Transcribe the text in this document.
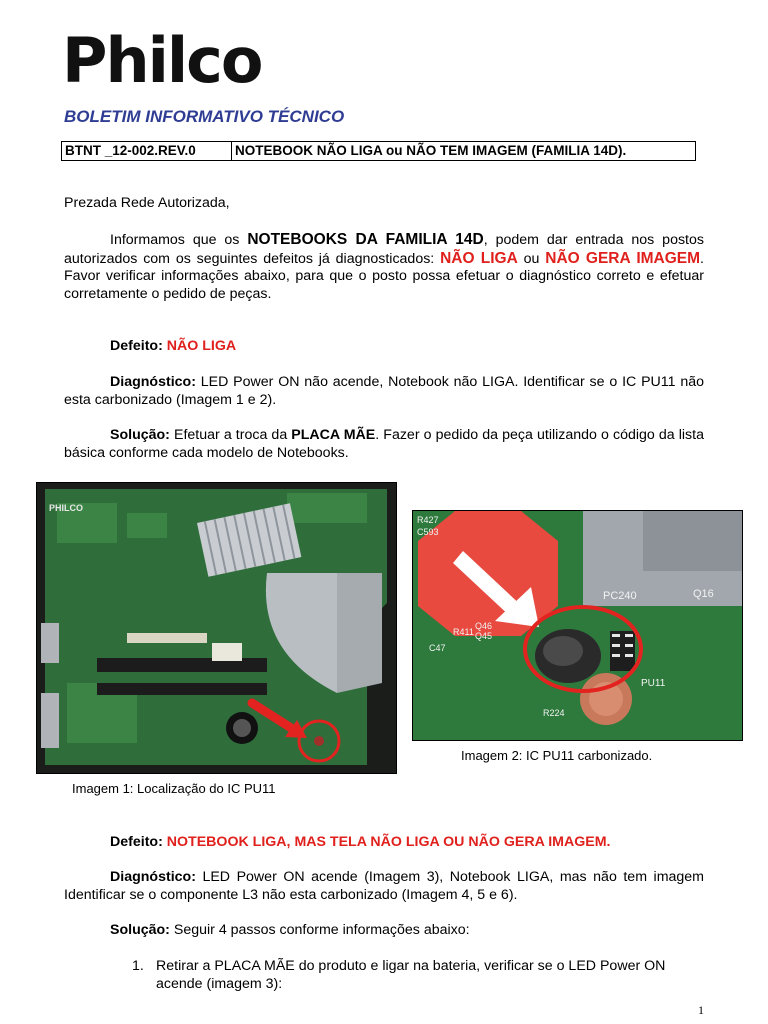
Philco
BOLETIM INFORMATIVO TÉCNICO
BTNT _12-002.REV.0	NOTEBOOK NÃO LIGA ou NÃO TEM IMAGEM (FAMILIA 14D).
Prezada Rede Autorizada,
Informamos que os NOTEBOOKS DA FAMILIA 14D, podem dar entrada nos postos autorizados com os seguintes defeitos já diagnosticados: NÃO LIGA ou NÃO GERA IMAGEM. Favor verificar informações abaixo, para que o posto possa efetuar o diagnóstico correto e efetuar corretamente o pedido de peças.
Defeito: NÃO LIGA
Diagnóstico: LED Power ON não acende, Notebook não LIGA. Identificar se o IC PU11 não esta carbonizado (Imagem 1 e 2).
Solução: Efetuar a troca da PLACA MÃE. Fazer o pedido da peça utilizando o código da lista básica conforme cada modelo de Notebooks.
PHILCO
Imagem 1: Localização do IC PU11
R427
C593
PC240	Q16
R411
Q46
Q45
C47
PU11
R224
Imagem 2: IC PU11 carbonizado.
Defeito: NOTEBOOK LIGA, MAS TELA NÃO LIGA OU NÃO GERA IMAGEM.
Diagnóstico: LED Power ON acende (Imagem 3), Notebook LIGA, mas não tem imagem Identificar se o componente L3 não esta carbonizado (Imagem 4, 5 e 6).
Solução: Seguir 4 passos conforme informações abaixo:
1. Retirar a PLACA MÃE do produto e ligar na bateria, verificar se o LED Power ON acende (imagem 3):
1
